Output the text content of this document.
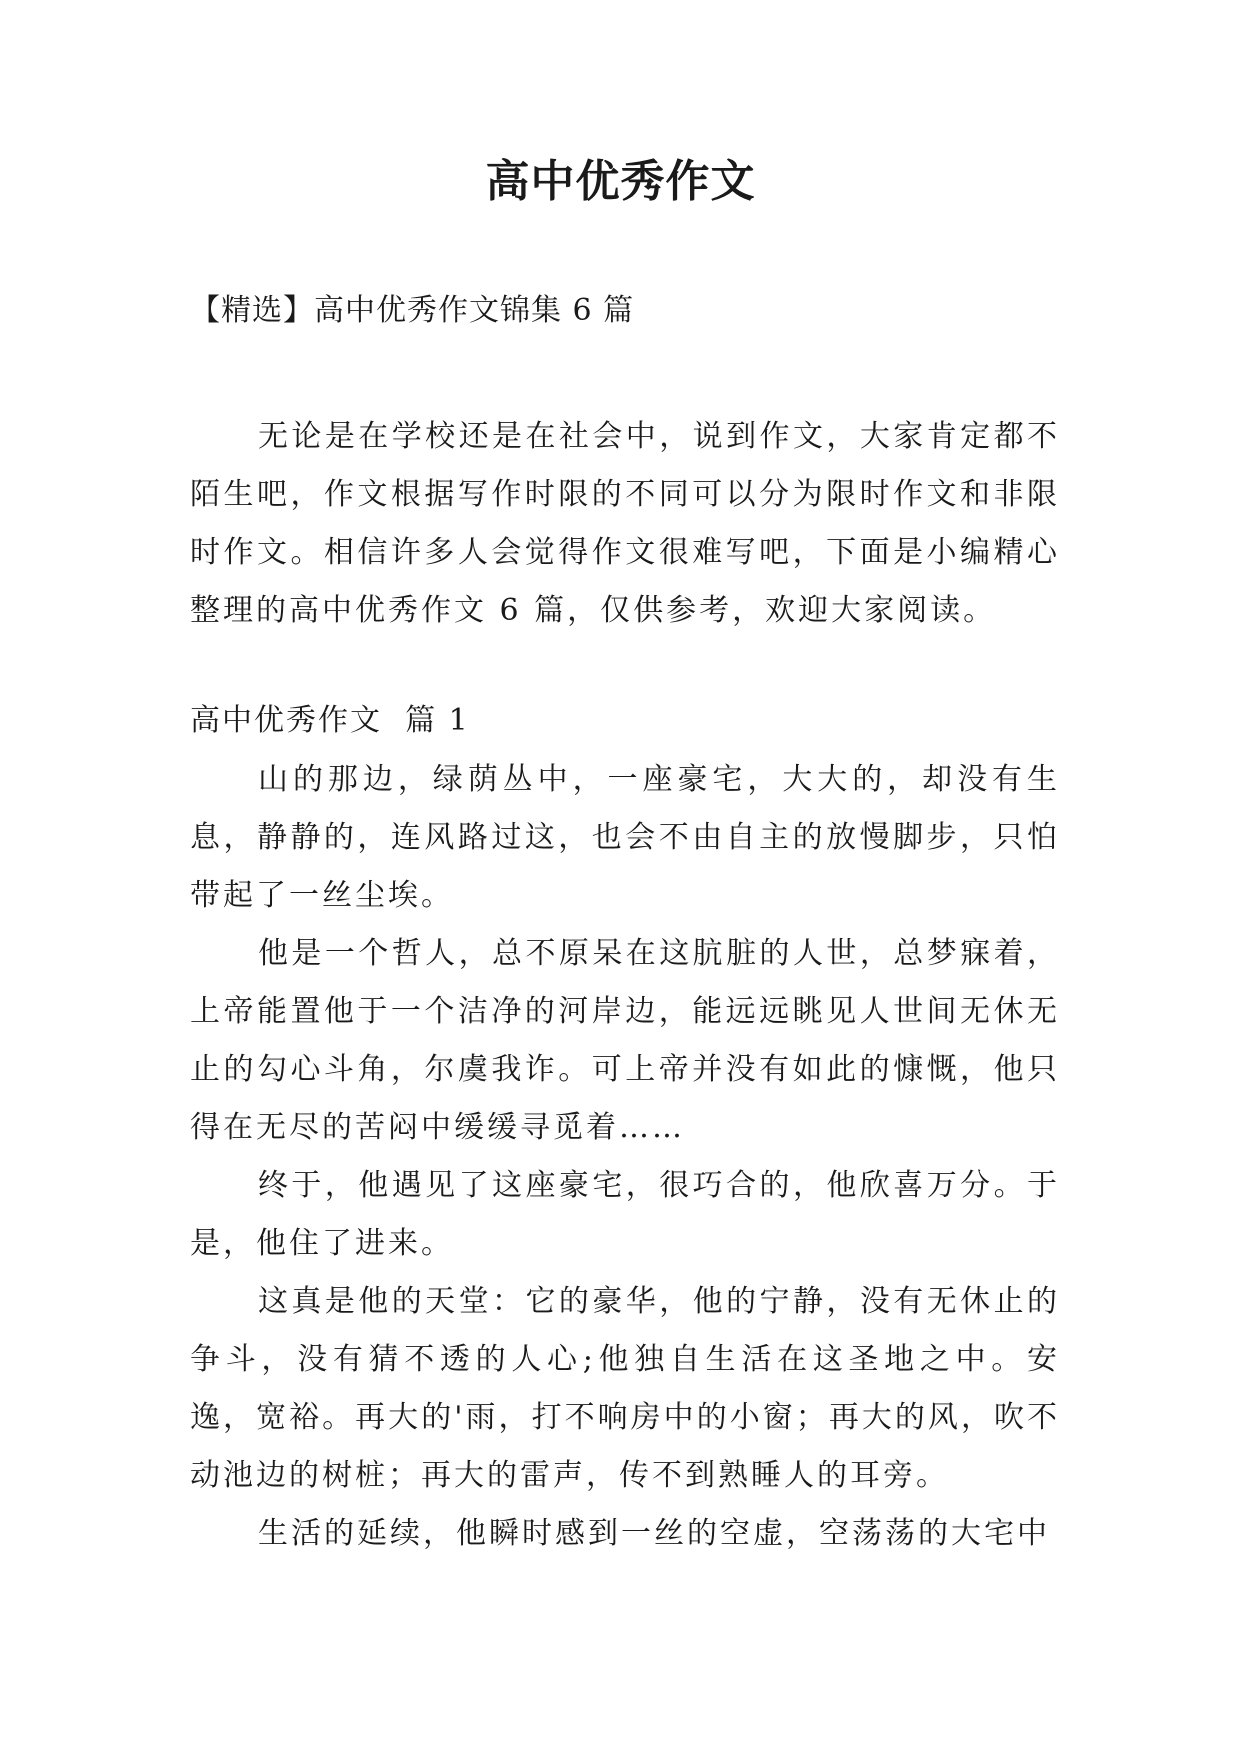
高中优秀作文

【精选】高中优秀作文锦集 6 篇

无论是在学校还是在社会中，说到作文，大家肯定都不陌生吧，作文根据写作时限的不同可以分为限时作文和非限时作文。相信许多人会觉得作文很难写吧，下面是小编精心整理的高中优秀作文 6 篇，仅供参考，欢迎大家阅读。

高中优秀作文  篇 1

山的那边，绿荫丛中，一座豪宅，大大的，却没有生息，静静的，连风路过这，也会不由自主的放慢脚步，只怕带起了一丝尘埃。

他是一个哲人，总不原呆在这肮脏的人世，总梦寐着，上帝能置他于一个洁净的河岸边，能远远眺见人世间无休无止的勾心斗角，尔虞我诈。可上帝并没有如此的慷慨，他只得在无尽的苦闷中缓缓寻觅着……

终于，他遇见了这座豪宅，很巧合的，他欣喜万分。于是，他住了进来。

这真是他的天堂：它的豪华，他的宁静，没有无休止的争斗，没有猜不透的人心;他独自生活在这圣地之中。安逸，宽裕。再大的'雨，打不响房中的小窗；再大的风，吹不动池边的树桩；再大的雷声，传不到熟睡人的耳旁。

生活的延续，他瞬时感到一丝的空虚，空荡荡的大宅中
